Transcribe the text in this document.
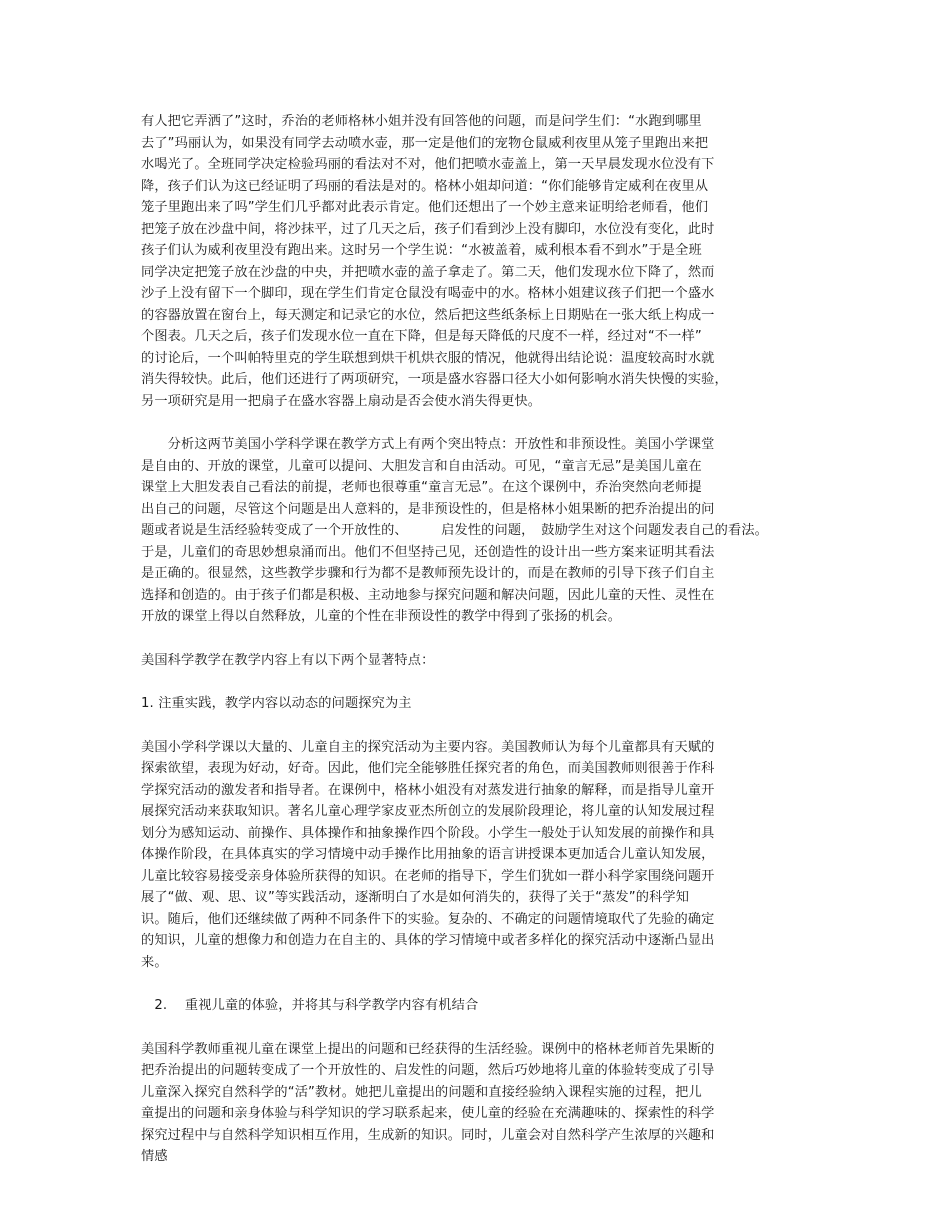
有人把它弄洒了”这时，乔治的老师格林小姐并没有回答他的问题，而是问学生们：“水跑到哪里

去了”玛丽认为，如果没有同学去动喷水壶，那一定是他们的宠物仓鼠威利夜里从笼子里跑出来把

水喝光了。全班同学决定检验玛丽的看法对不对，他们把喷水壶盖上，第一天早晨发现水位没有下

降，孩子们认为这已经证明了玛丽的看法是对的。格林小姐却问道：“你们能够肯定威利在夜里从

笼子里跑出来了吗”学生们几乎都对此表示肯定。他们还想出了一个妙主意来证明给老师看，他们

把笼子放在沙盘中间，将沙抹平，过了几天之后，孩子们看到沙上没有脚印，水位没有变化，此时

孩子们认为威利夜里没有跑出来。这时另一个学生说：“水被盖着，威利根本看不到水”于是全班

同学决定把笼子放在沙盘的中央，并把喷水壶的盖子拿走了。第二天，他们发现水位下降了，然而

沙子上没有留下一个脚印，现在学生们肯定仓鼠没有喝壶中的水。格林小姐建议孩子们把一个盛水

的容器放置在窗台上，每天测定和记录它的水位，然后把这些纸条标上日期贴在一张大纸上构成一

个图表。几天之后，孩子们发现水位一直在下降，但是每天降低的尺度不一样，经过对“不一样”

的讨论后，一个叫帕特里克的学生联想到烘干机烘衣服的情况，他就得出结论说：温度较高时水就

消失得较快。此后，他们还进行了两项研究，一项是盛水容器口径大小如何影响水消失快慢的实验，

另一项研究是用一把扇子在盛水容器上扇动是否会使水消失得更快。

　　分析这两节美国小学科学课在教学方式上有两个突出特点：开放性和非预设性。美国小学课堂

是自由的、开放的课堂，儿童可以提问、大胆发言和自由活动。可见，“童言无忌”是美国儿童在

课堂上大胆发表自己看法的前提，老师也很尊重“童言无忌”。在这个课例中，乔治突然向老师提

出自己的问题，尽管这个问题是出人意料的，是非预设性的，但是格林小姐果断的把乔治提出的问

题或者说是生活经验转变成了一个开放性的、　　　启发性的问题，　鼓励学生对这个问题发表自己的看法。

于是，儿童们的奇思妙想泉涌而出。他们不但坚持己见，还创造性的设计出一些方案来证明其看法

是正确的。很显然，这些教学步骤和行为都不是教师预先设计的，而是在教师的引导下孩子们自主

选择和创造的。由于孩子们都是积极、主动地参与探究问题和解决问题，因此儿童的天性、灵性在

开放的课堂上得以自然释放，儿童的个性在非预设性的教学中得到了张扬的机会。

美国科学教学在教学内容上有以下两个显著特点：

1. 注重实践，教学内容以动态的问题探究为主

美国小学科学课以大量的、儿童自主的探究活动为主要内容。美国教师认为每个儿童都具有天赋的

探索欲望，表现为好动，好奇。因此，他们完全能够胜任探究者的角色，而美国教师则很善于作科

学探究活动的激发者和指导者。在课例中，格林小姐没有对蒸发进行抽象的解释，而是指导儿童开

展探究活动来获取知识。著名儿童心理学家皮亚杰所创立的发展阶段理论，将儿童的认知发展过程

划分为感知运动、前操作、具体操作和抽象操作四个阶段。小学生一般处于认知发展的前操作和具

体操作阶段，在具体真实的学习情境中动手操作比用抽象的语言讲授课本更加适合儿童认知发展，

儿童比较容易接受亲身体验所获得的知识。在老师的指导下，学生们犹如一群小科学家围绕问题开

展了“做、观、思、议”等实践活动，逐渐明白了水是如何消失的，获得了关于“蒸发”的科学知

识。随后，他们还继续做了两种不同条件下的实验。复杂的、不确定的问题情境取代了先验的确定

的知识，儿童的想像力和创造力在自主的、具体的学习情境中或者多样化的探究活动中逐渐凸显出

来。

　2.　 重视儿童的体验，并将其与科学教学内容有机结合

美国科学教师重视儿童在课堂上提出的问题和已经获得的生活经验。课例中的格林老师首先果断的

把乔治提出的问题转变成了一个开放性的、启发性的问题，然后巧妙地将儿童的体验转变成了引导

儿童深入探究自然科学的“活”教材。她把儿童提出的问题和直接经验纳入课程实施的过程，把儿

童提出的问题和亲身体验与科学知识的学习联系起来，使儿童的经验在充满趣味的、探索性的科学

探究过程中与自然科学知识相互作用，生成新的知识。同时，儿童会对自然科学产生浓厚的兴趣和

情感
